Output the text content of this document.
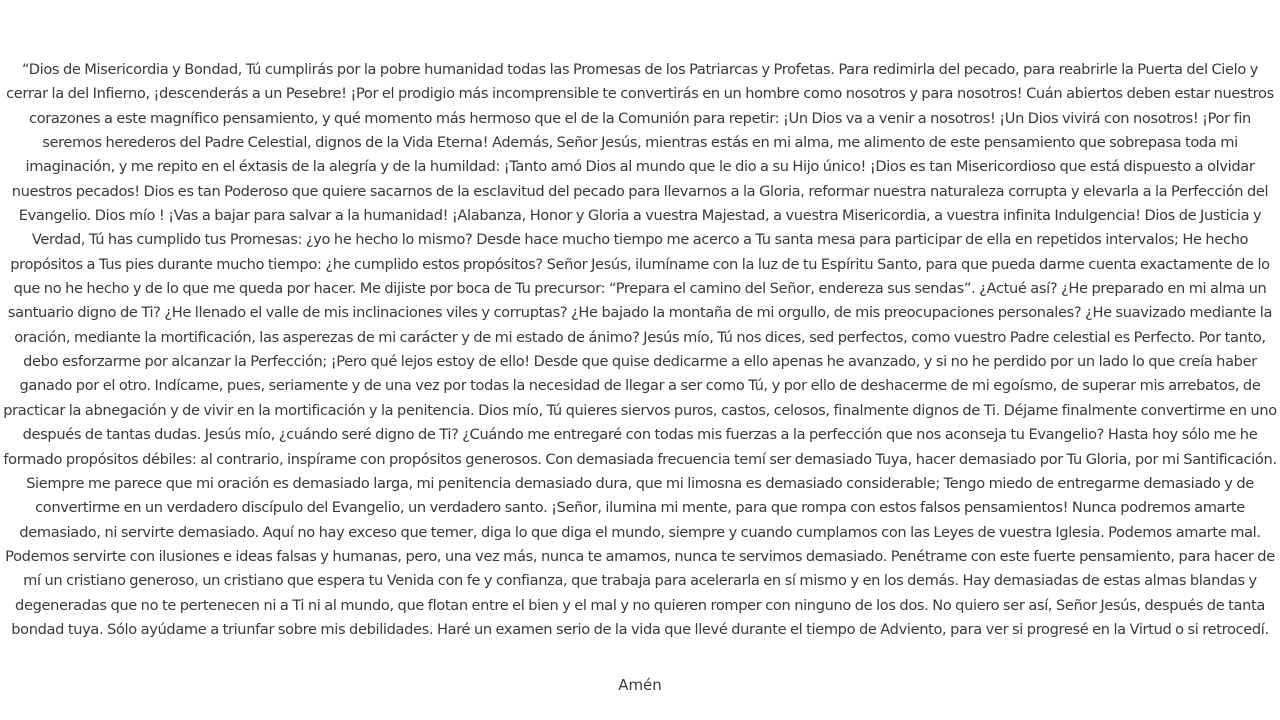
“Dios de Misericordia y Bondad, Tú cumplirás por la pobre humanidad todas las Promesas de los Patriarcas y Profetas. Para redimirla del pecado, para reabrirle la Puerta del Cielo y cerrar la del Infierno, ¡descenderás a un Pesebre! ¡Por el prodigio más incomprensible te convertirás en un hombre como nosotros y para nosotros! Cuán abiertos deben estar nuestros corazones a este magnífico pensamiento, y qué momento más hermoso que el de la Comunión para repetir: ¡Un Dios va a venir a nosotros! ¡Un Dios vivirá con nosotros! ¡Por fin seremos herederos del Padre Celestial, dignos de la Vida Eterna! Además, Señor Jesús, mientras estás en mi alma, me alimento de este pensamiento que sobrepasa toda mi imaginación, y me repito en el éxtasis de la alegría y de la humildad: ¡Tanto amó Dios al mundo que le dio a su Hijo único! ¡Dios es tan Misericordioso que está dispuesto a olvidar nuestros pecados! Dios es tan Poderoso que quiere sacarnos de la esclavitud del pecado para llevarnos a la Gloria, reformar nuestra naturaleza corrupta y elevarla a la Perfección del Evangelio. Dios mío ! ¡Vas a bajar para salvar a la humanidad! ¡Alabanza, Honor y Gloria a vuestra Majestad, a vuestra Misericordia, a vuestra infinita Indulgencia! Dios de Justicia y Verdad, Tú has cumplido tus Promesas: ¿yo he hecho lo mismo? Desde hace mucho tiempo me acerco a Tu santa mesa para participar de ella en repetidos intervalos; He hecho propósitos a Tus pies durante mucho tiempo: ¿he cumplido estos propósitos? Señor Jesús, ilumíname con la luz de tu Espíritu Santo, para que pueda darme cuenta exactamente de lo que no he hecho y de lo que me queda por hacer. Me dijiste por boca de Tu precursor: “Prepara el camino del Señor, endereza sus sendas”. ¿Actué así? ¿He preparado en mi alma un santuario digno de Ti? ¿He llenado el valle de mis inclinaciones viles y corruptas? ¿He bajado la montaña de mi orgullo, de mis preocupaciones personales? ¿He suavizado mediante la oración, mediante la mortificación, las asperezas de mi carácter y de mi estado de ánimo? Jesús mío, Tú nos dices, sed perfectos, como vuestro Padre celestial es Perfecto. Por tanto, debo esforzarme por alcanzar la Perfección; ¡Pero qué lejos estoy de ello! Desde que quise dedicarme a ello apenas he avanzado, y si no he perdido por un lado lo que creía haber ganado por el otro. Indícame, pues, seriamente y de una vez por todas la necesidad de llegar a ser como Tú, y por ello de deshacerme de mi egoísmo, de superar mis arrebatos, de practicar la abnegación y de vivir en la mortificación y la penitencia. Dios mío, Tú quieres siervos puros, castos, celosos, finalmente dignos de Ti. Déjame finalmente convertirme en uno después de tantas dudas. Jesús mío, ¿cuándo seré digno de Ti? ¿Cuándo me entregaré con todas mis fuerzas a la perfección que nos aconseja tu Evangelio? Hasta hoy sólo me he formado propósitos débiles: al contrario, inspírame con propósitos generosos. Con demasiada frecuencia temí ser demasiado Tuya, hacer demasiado por Tu Gloria, por mi Santificación. Siempre me parece que mi oración es demasiado larga, mi penitencia demasiado dura, que mi limosna es demasiado considerable; Tengo miedo de entregarme demasiado y de convertirme en un verdadero discípulo del Evangelio, un verdadero santo. ¡Señor, ilumina mi mente, para que rompa con estos falsos pensamientos! Nunca podremos amarte demasiado, ni servirte demasiado. Aquí no hay exceso que temer, diga lo que diga el mundo, siempre y cuando cumplamos con las Leyes de vuestra Iglesia. Podemos amarte mal. Podemos servirte con ilusiones e ideas falsas y humanas, pero, una vez más, nunca te amamos, nunca te servimos demasiado. Penétrame con este fuerte pensamiento, para hacer de mí un cristiano generoso, un cristiano que espera tu Venida con fe y confianza, que trabaja para acelerarla en sí mismo y en los demás. Hay demasiadas de estas almas blandas y degeneradas que no te pertenecen ni a Ti ni al mundo, que flotan entre el bien y el mal y no quieren romper con ninguno de los dos. No quiero ser así, Señor Jesús, después de tanta bondad tuya. Sólo ayúdame a triunfar sobre mis debilidades. Haré un examen serio de la vida que llevé durante el tiempo de Adviento, para ver si progresé en la Virtud o si retrocedí.

Amén
